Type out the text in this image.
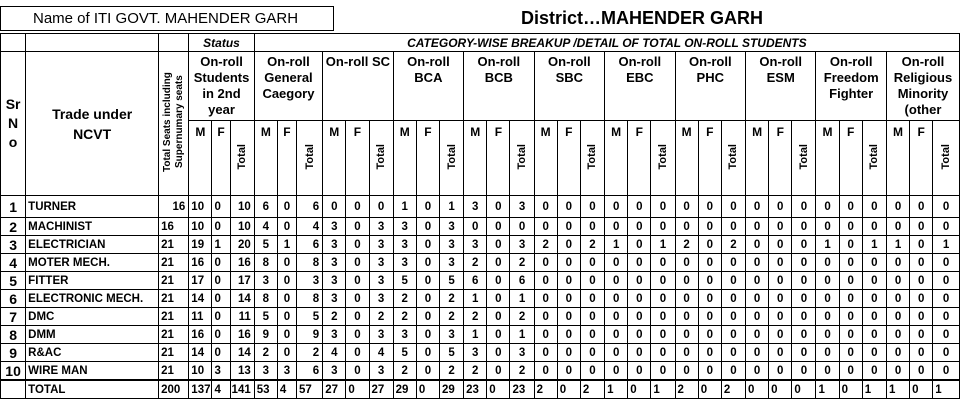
Name of ITI GOVT. MAHENDER GARH	District…MAHENDER GARH
			Status			CATEGORY-WISE BREAKUP /DETAIL OF TOTAL ON-ROLL STUDENTS																													
Sr
N
o	Trade under NCVT	Total Seats including Supernumary seats	On-roll Students in 2nd year			On-roll General Caegory			On-roll SC			On-roll BCA			On-roll BCB			On-roll SBC			On-roll EBC			On-roll PHC			On-roll ESM			On-roll Freedom Fighter			On-roll Religious Minority (other		
			M	F	Total	M	F	Total	M	F	Total	M	F	Total	M	F	Total	M	F	Total	M	F	Total	M	F	Total	M	F	Total	M	F	Total	M	F	Total
1	TURNER	16	10	0	10	6	0	6	0	0	0	1	0	1	3	0	3	0	0	0	0	0	0	0	0	0	0	0	0	0	0	0	0	0	0
2	MACHINIST	16	10	0	10	4	0	4	3	0	3	3	0	3	0	0	0	0	0	0	0	0	0	0	0	0	0	0	0	0	0	0	0	0	0
3	ELECTRICIAN	21	19	1	20	5	1	6	3	0	3	3	0	3	3	0	3	2	0	2	1	0	1	2	0	2	0	0	0	1	0	1	1	0	1
4	MOTER MECH.	21	16	0	16	8	0	8	3	0	3	3	0	3	2	0	2	0	0	0	0	0	0	0	0	0	0	0	0	0	0	0	0	0	0
5	FITTER	21	17	0	17	3	0	3	3	0	3	5	0	5	6	0	6	0	0	0	0	0	0	0	0	0	0	0	0	0	0	0	0	0	0
6	ELECTRONIC MECH.	21	14	0	14	8	0	8	3	0	3	2	0	2	1	0	1	0	0	0	0	0	0	0	0	0	0	0	0	0	0	0	0	0	0
7	DMC	21	11	0	11	5	0	5	2	0	2	2	0	2	2	0	2	0	0	0	0	0	0	0	0	0	0	0	0	0	0	0	0	0	0
8	DMM	21	16	0	16	9	0	9	3	0	3	3	0	3	1	0	1	0	0	0	0	0	0	0	0	0	0	0	0	0	0	0	0	0	0
9	R&AC	21	14	0	14	2	0	2	4	0	4	5	0	5	3	0	3	0	0	0	0	0	0	0	0	0	0	0	0	0	0	0	0	0	0
10	WIRE MAN	21	10	3	13	3	3	6	3	0	3	2	0	2	2	0	2	0	0	0	0	0	0	0	0	0	0	0	0	0	0	0	0	0	0
	TOTAL	200	137	4	141	53	4	57	27	0	27	29	0	29	23	0	23	2	0	2	1	0	1	2	0	2	0	0	0	1	0	1	1	0	1
